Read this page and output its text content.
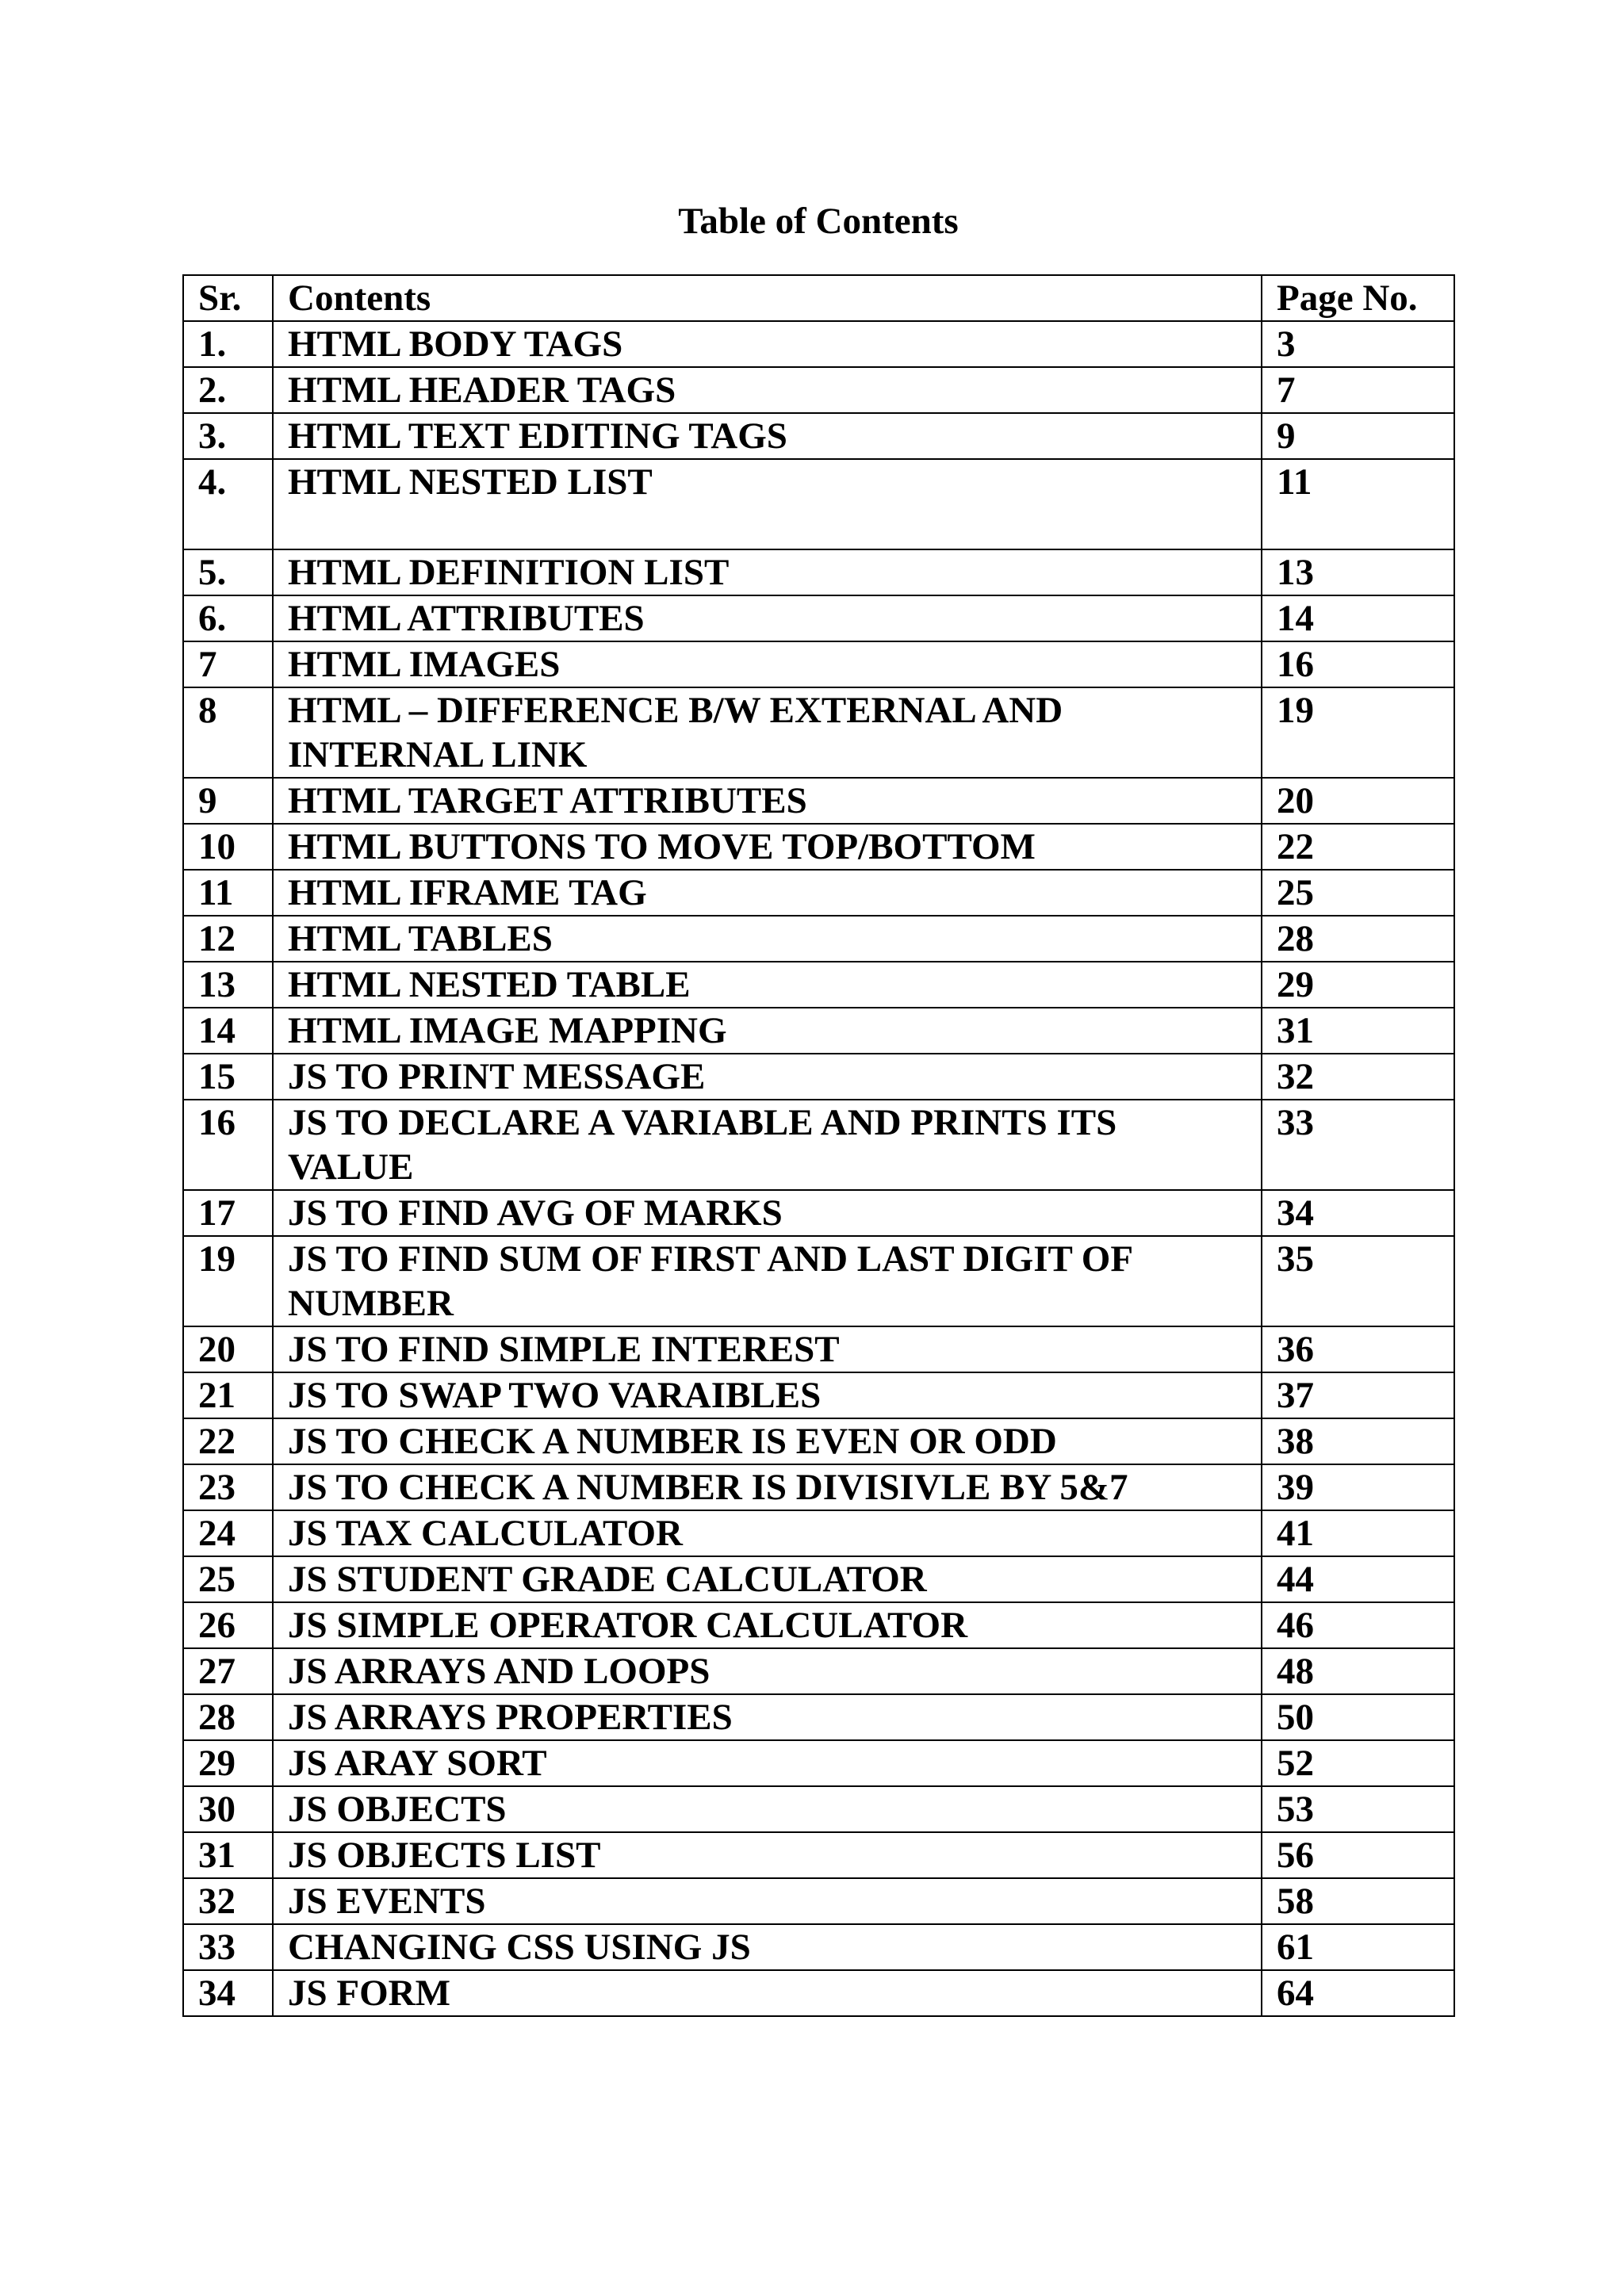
Table of Contents
Sr.	Contents	Page No.
1.	HTML BODY TAGS	3
2.	HTML HEADER TAGS	7
3.	HTML TEXT EDITING TAGS	9
4.	HTML NESTED LIST	11
5.	HTML DEFINITION LIST	13
6.	HTML ATTRIBUTES	14
7	HTML IMAGES	16
8	HTML – DIFFERENCE B/W EXTERNAL AND INTERNAL LINK	19
9	HTML TARGET ATTRIBUTES	20
10	HTML BUTTONS TO MOVE TOP/BOTTOM	22
11	HTML IFRAME TAG	25
12	HTML TABLES	28
13	HTML NESTED TABLE	29
14	HTML IMAGE MAPPING	31
15	JS TO PRINT MESSAGE	32
16	JS TO DECLARE A VARIABLE AND PRINTS ITS VALUE	33
17	JS TO FIND AVG OF MARKS	34
19	JS TO FIND SUM OF FIRST AND LAST DIGIT OF NUMBER	35
20	JS TO FIND SIMPLE INTEREST	36
21	JS TO SWAP TWO VARAIBLES	37
22	JS TO CHECK A NUMBER IS EVEN OR ODD	38
23	JS TO CHECK A NUMBER IS DIVISIVLE BY 5&7	39
24	JS TAX CALCULATOR	41
25	JS STUDENT GRADE CALCULATOR	44
26	JS SIMPLE OPERATOR CALCULATOR	46
27	JS ARRAYS AND LOOPS	48
28	JS ARRAYS PROPERTIES	50
29	JS ARAY SORT	52
30	JS OBJECTS	53
31	JS OBJECTS LIST	56
32	JS EVENTS	58
33	CHANGING CSS USING JS	61
34	JS FORM	64
